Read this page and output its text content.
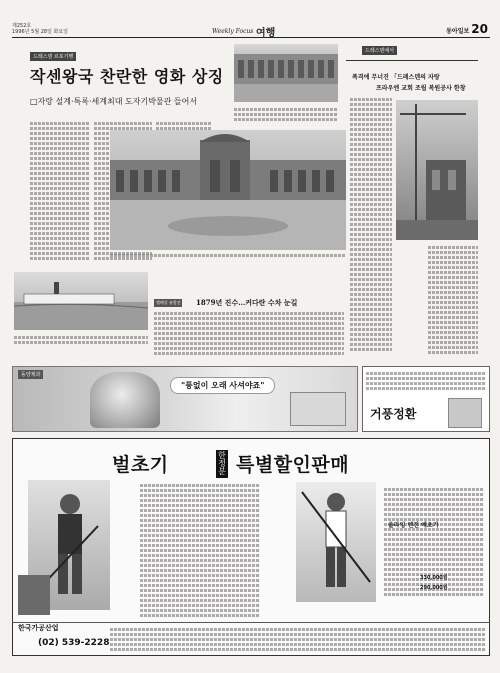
제252호
1996년 5월 28일 화요일	Weekly Focus 여행	동아일보 20
드레스덴 르포기행
작센왕국 찬란한 영화 상징
□자랑 설계·특록·세계최대 도자기박물관 들어서
드레스덴에서
폭격에 무너진 「드레스덴의 자랑
프라우엔 교회 조립 복원공사 한창
엘베강 유람선 1879년 진수…커다란 수차 눈길
동양제과
"풍없이 오래 사셔야죠"
거풍정환
벌초기	한정분 특별할인판매
한국가공산업
(02) 539-2228
올라잉 엔진 예초기
330,000원
290,000원
